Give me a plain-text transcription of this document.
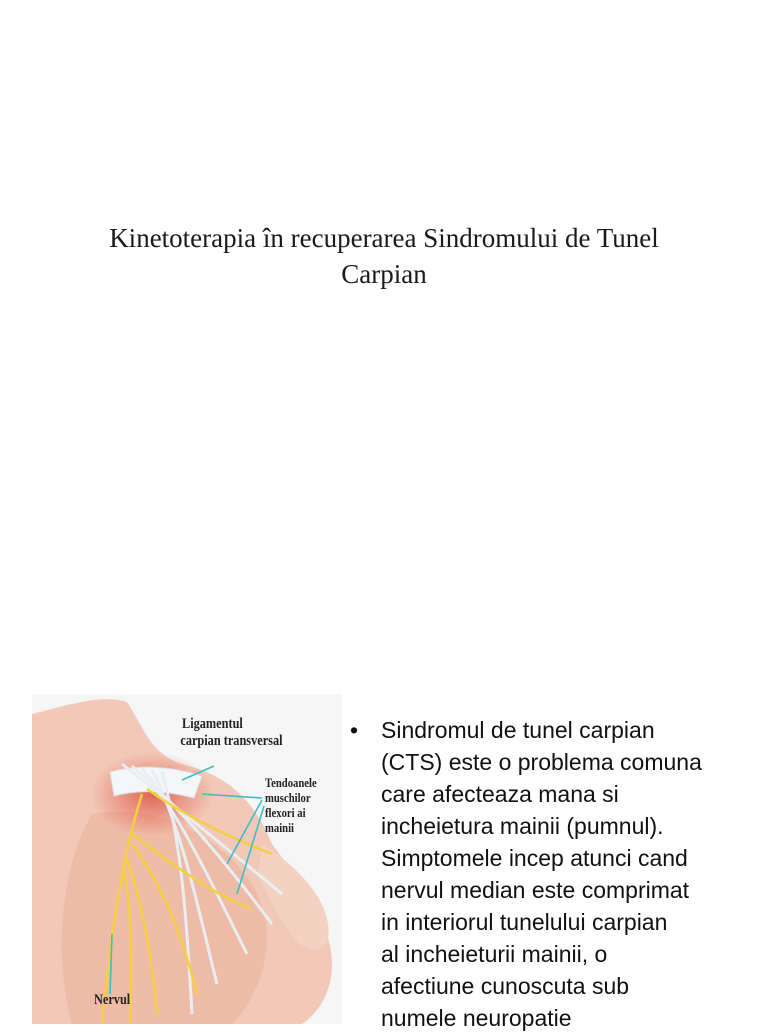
Kinetoterapia în recuperarea Sindromului de Tunel
Carpian
Ligamentul
carpian transversal
Tendoanele
muschilor
flexori ai
mainii
Nervul
• Sindromul de tunel carpian
(CTS) este o problema comuna
care afecteaza mana si
incheietura mainii (pumnul).
Simptomele incep atunci cand
nervul median este comprimat
in interiorul tunelului carpian
al incheieturii mainii, o
afectiune cunoscuta sub
numele neuropatie
